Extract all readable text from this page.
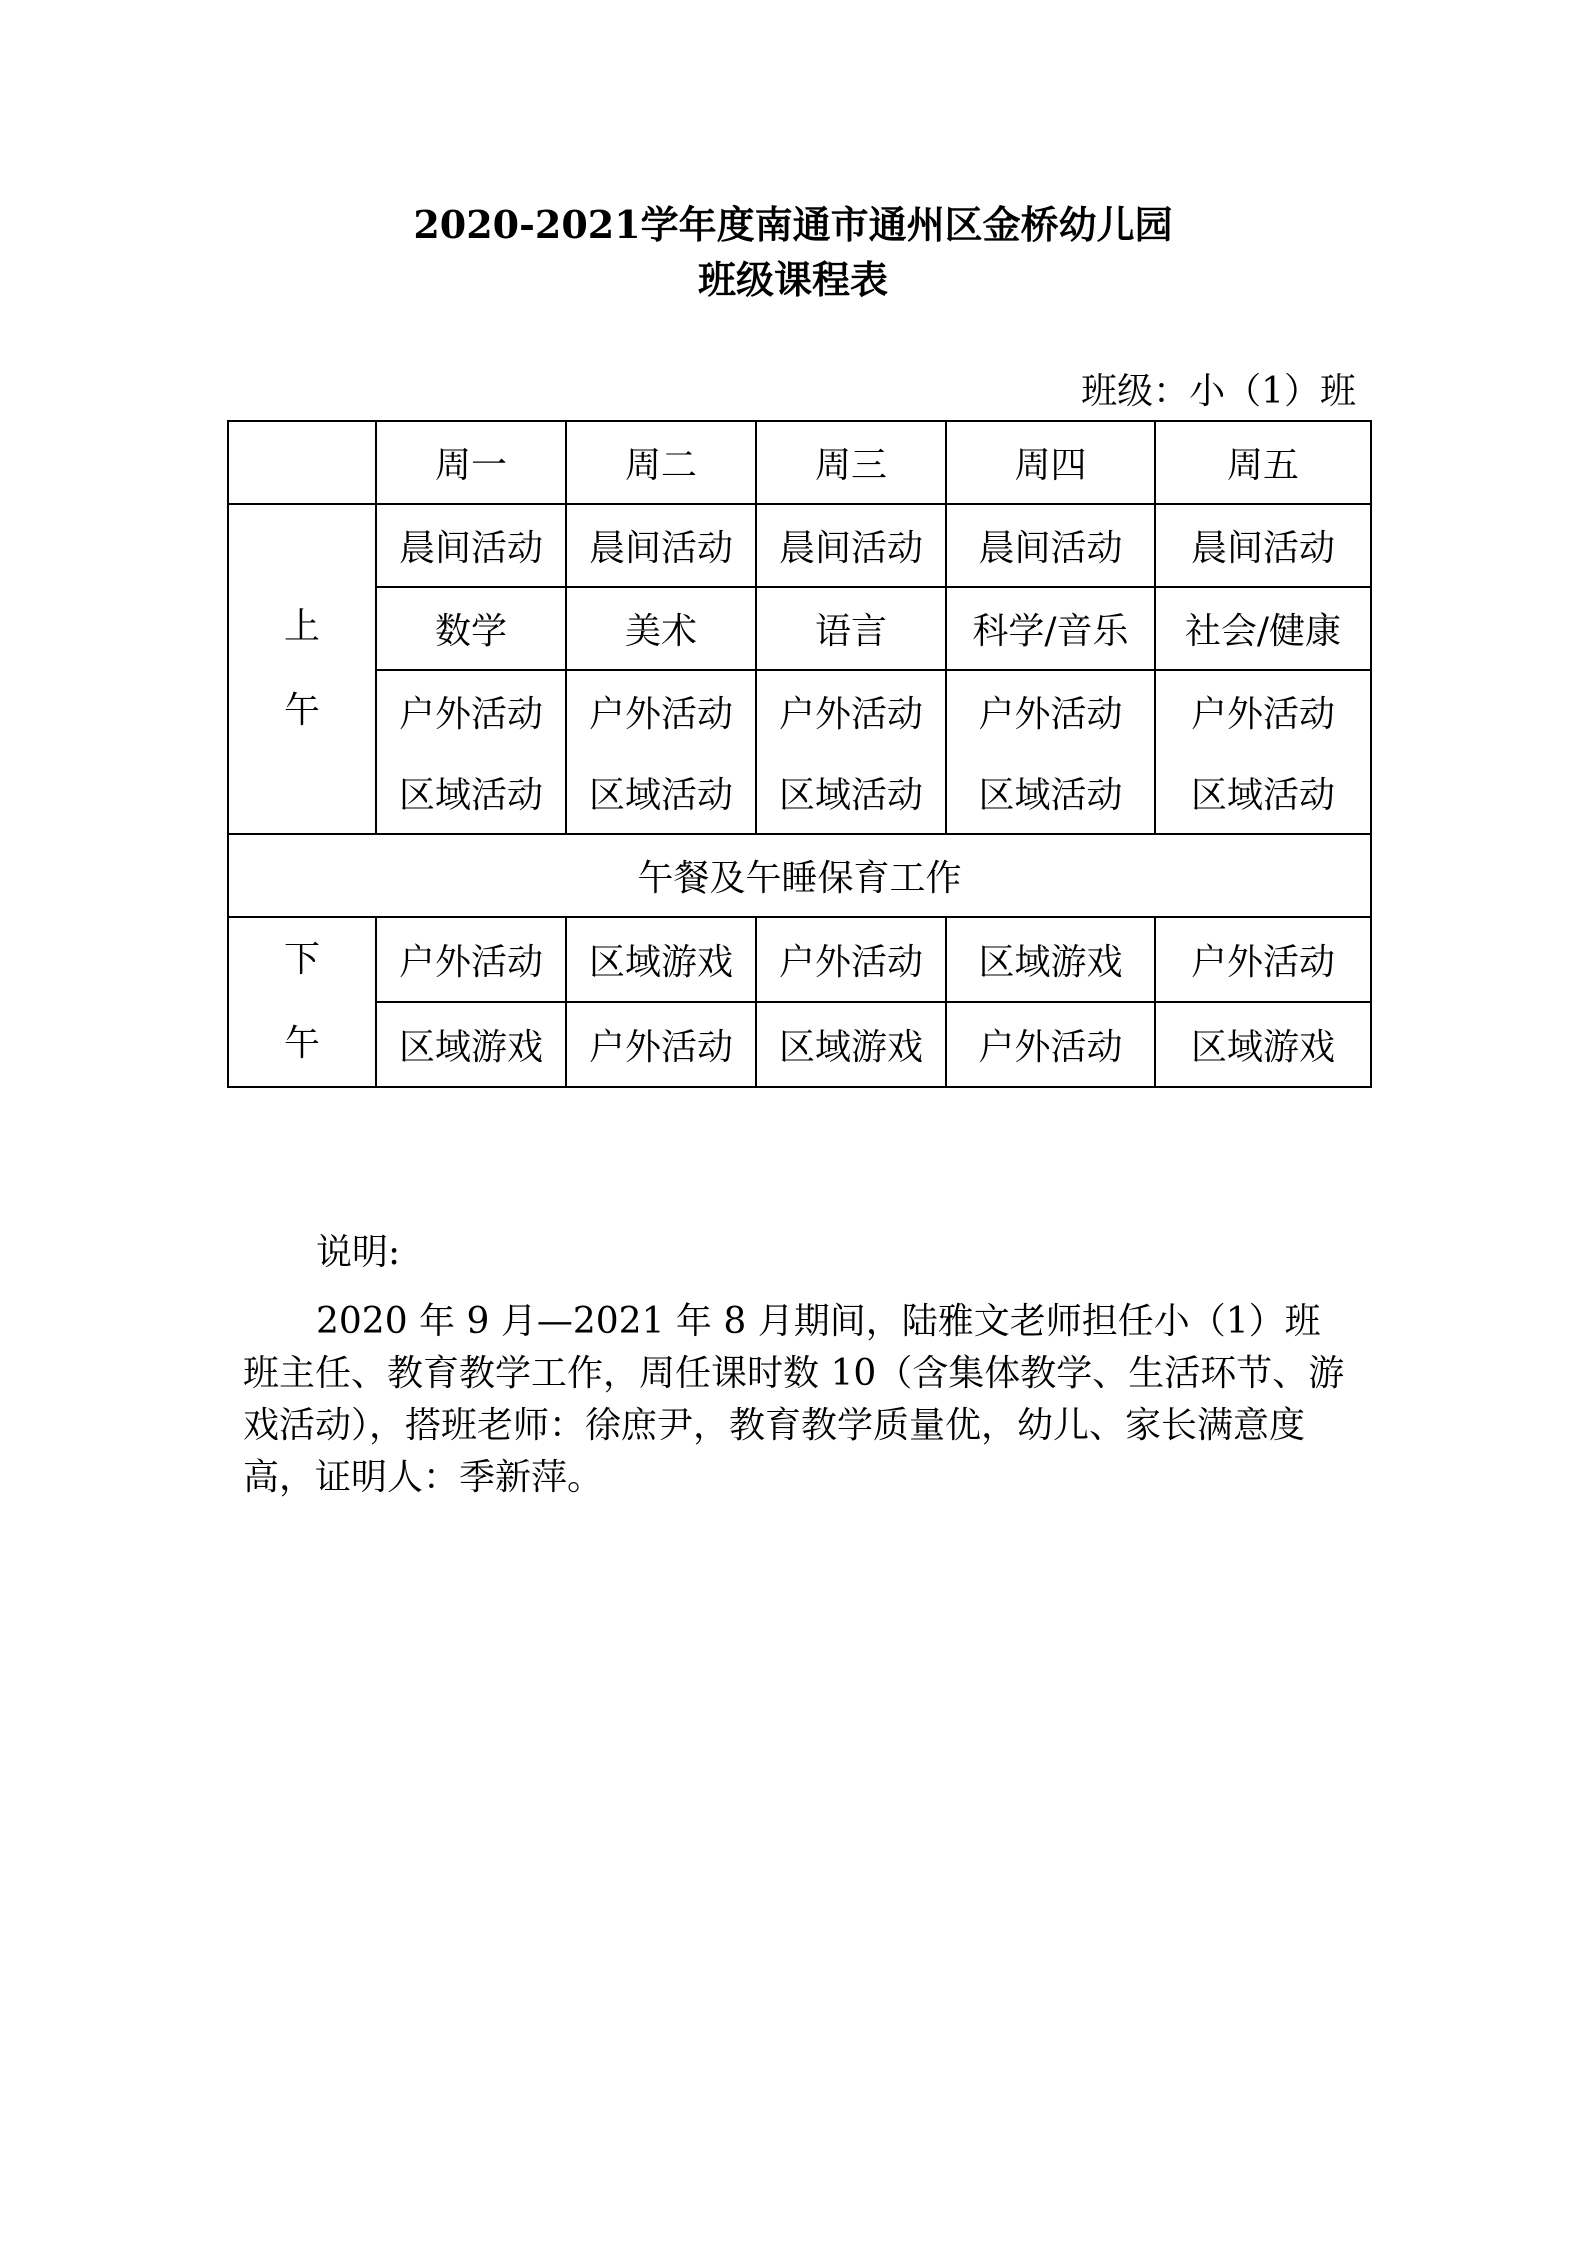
2020-2021学年度南通市通州区金桥幼儿园
班级课程表
班级：小（1）班
	周一	周二	周三	周四	周五

上
午	晨间活动	晨间活动	晨间活动	晨间活动	晨间活动
	数学	美术	语言	科学/音乐	社会/健康
	户外活动	户外活动	户外活动	户外活动	户外活动
	区域活动	区域活动	区域活动	区域活动	区域活动
午餐及午睡保育工作					

下
午	户外活动	区域游戏	户外活动	区域游戏	户外活动
	区域游戏	户外活动	区域游戏	户外活动	区域游戏
说明:
2020 年 9 月—2021 年 8 月期间，陆雅文老师担任小（1）班班主任、教育教学工作，周任课时数 10（含集体教学、生活环节、游戏活动），搭班老师：徐庶尹，教育教学质量优，幼儿、家长满意度高，证明人：季新萍。
